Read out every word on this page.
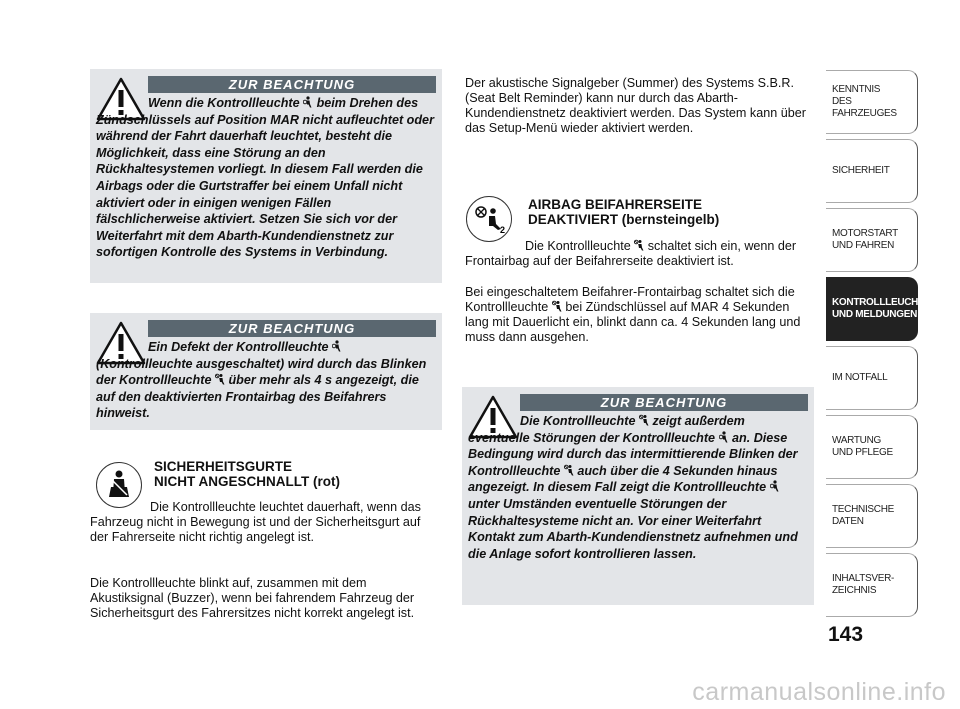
ZUR BEACHTUNG
Wenn die Kontrollleuchte beim Drehen des Zündschlüssels auf Position MAR nicht aufleuchtet oder während der Fahrt dauerhaft leuchtet, besteht die Möglichkeit, dass eine Störung an den Rückhaltesystemen vorliegt. In diesem Fall werden die Airbags oder die Gurtstraffer bei einem Unfall nicht aktiviert oder in einigen wenigen Fällen fälschlicherweise aktiviert. Setzen Sie sich vor der Weiterfahrt mit dem Abarth-Kundendienstnetz zur sofortigen Kontrolle des Systems in Verbindung.
ZUR BEACHTUNG
Ein Defekt der Kontrollleuchte  (Kontrollleuchte ausgeschaltet) wird durch das Blinken der Kontrollleuchte über mehr als 4 s angezeigt, die auf den deaktivierten Frontairbag des Beifahrers hinweist.
SICHERHEITSGURTE
NICHT ANGESCHNALLT (rot)
Die Kontrollleuchte leuchtet dauerhaft, wenn das Fahrzeug nicht in Bewegung ist und der Sicherheitsgurt auf der Fahrerseite nicht richtig angelegt ist.
Die Kontrollleuchte blinkt auf, zusammen mit dem Akustiksignal (Buzzer), wenn bei fahrendem Fahrzeug der Sicherheitsgurt des Fahrersitzes nicht korrekt angelegt ist.
Der akustische Signalgeber (Summer) des Systems S.B.R. (Seat Belt Reminder) kann nur durch das Abarth-Kundendienstnetz deaktiviert werden. Das System kann über das Setup-Menü wieder aktiviert werden.
2
AIRBAG BEIFAHRERSEITE
DEAKTIVIERT (bernsteingelb)
Die Kontrollleuchte schaltet sich ein, wenn der Frontairbag auf der Beifahrerseite deaktiviert ist.
Bei eingeschaltetem Beifahrer-Frontairbag schaltet sich die Kontrollleuchte bei Zündschlüssel auf MAR 4 Sekunden lang mit Dauerlicht ein, blinkt dann ca. 4 Sekunden lang und muss dann ausgehen.
ZUR BEACHTUNG
Die Kontrollleuchte zeigt außerdem eventuelle Störungen der Kontrollleuchte an. Diese Bedingung wird durch das intermittierende Blinken der Kontrollleuchte auch über die 4 Sekunden hinaus angezeigt. In diesem Fall zeigt die Kontrollleuchte  unter Umständen eventuelle Störungen der Rückhaltesysteme nicht an. Vor einer Weiterfahrt Kontakt zum Abarth-Kundendienstnetz aufnehmen und die Anlage sofort kontrollieren lassen.
KENNTNIS
DES FAHRZEUGES
SICHERHEIT
MOTORSTART
UND FAHREN
KONTROLLLEUCHTEN
UND MELDUNGEN
IM NOTFALL
WARTUNG
UND PFLEGE
TECHNISCHE
DATEN
INHALTSVER-
ZEICHNIS
143
carmanualsonline.info
